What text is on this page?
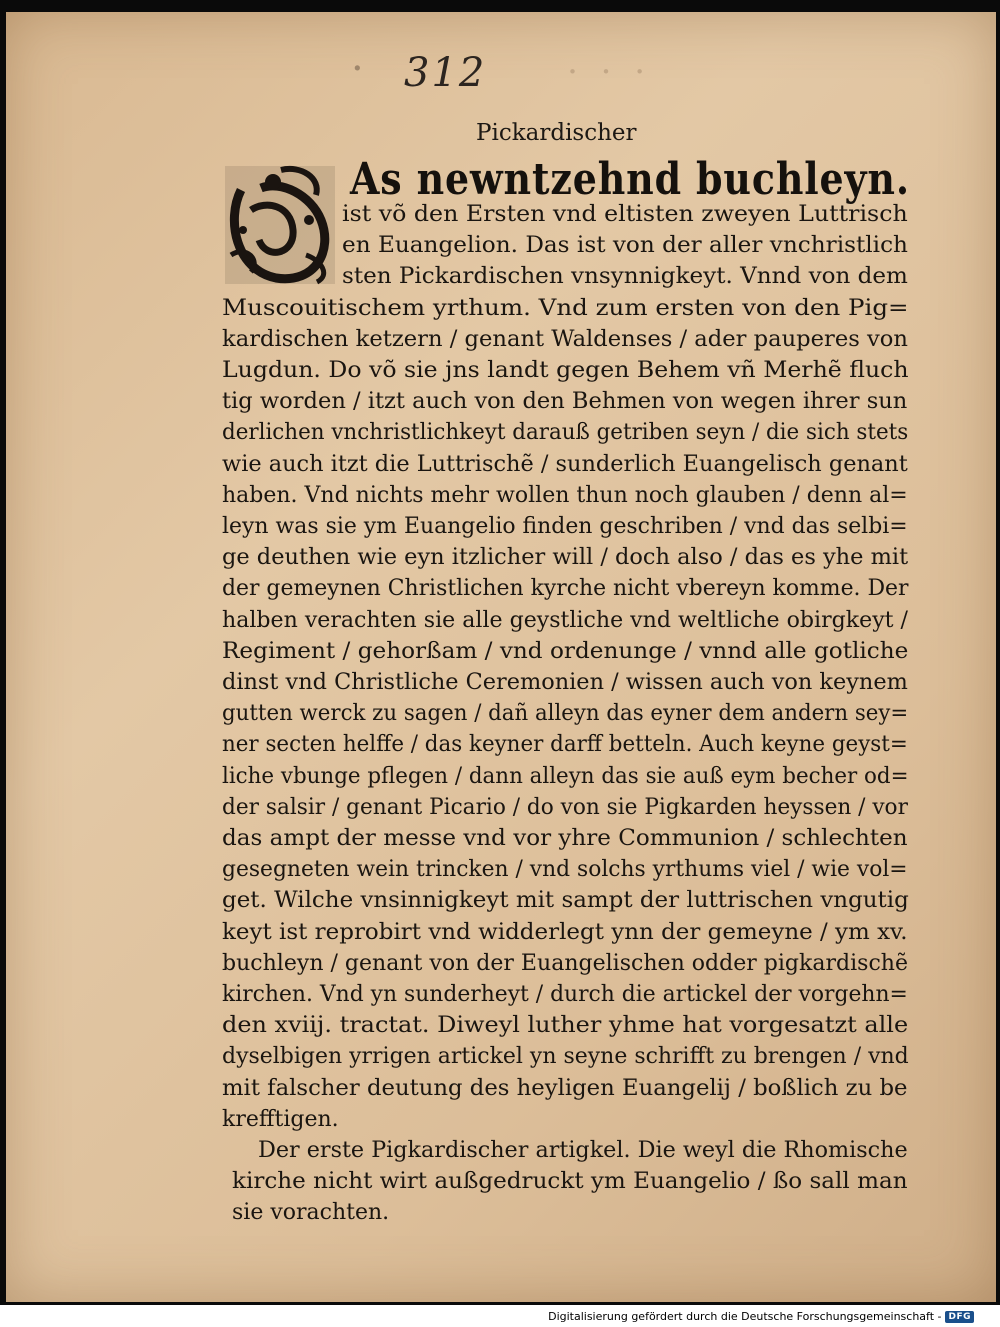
· 312 · · ·
Pickardischer
As newntzehnd buchleyn.
ist võ den Ersten vnd eltisten zweyen Luttrisch
en Euangelion. Das ist von der aller vnchristlich
sten Pickardischen vnsynnigkeyt. Vnnd von dem
Muscouitischem yrthum. Vnd zum ersten von den Pig=
kardischen ketzern / genant Waldenses / ader pauperes von
Lugdun. Do võ sie jns landt gegen Behem vñ Merhẽ fluch
tig worden / itzt auch von den Behmen von wegen ihrer sun
derlichen vnchristlichkeyt darauß getriben seyn / die sich stets
wie auch itzt die Luttrischẽ / sunderlich Euangelisch genant
haben. Vnd nichts mehr wollen thun noch glauben / denn al=
leyn was sie ym Euangelio finden geschriben / vnd das selbi=
ge deuthen wie eyn itzlicher will / doch also / das es yhe mit
der gemeynen Christlichen kyrche nicht vbereyn komme. Der
halben verachten sie alle geystliche vnd weltliche obirgkeyt /
Regiment / gehorßam / vnd ordenunge / vnnd alle gotliche
dinst vnd Christliche Ceremonien / wissen auch von keynem
gutten werck zu sagen / dañ alleyn das eyner dem andern sey=
ner secten helffe / das keyner darff betteln. Auch keyne geyst=
liche vbunge pflegen / dann alleyn das sie auß eym becher od=
der salsir / genant Picario / do von sie Pigkarden heyssen / vor
das ampt der messe vnd vor yhre Communion / schlechten
gesegneten wein trincken / vnd solchs yrthums viel / wie vol=
get. Wilche vnsinnigkeyt mit sampt der luttrischen vngutig
keyt ist reprobirt vnd widderlegt ynn der gemeyne / ym xv.
buchleyn / genant von der Euangelischen odder pigkardischẽ
kirchen. Vnd yn sunderheyt / durch die artickel der vorgehn=
den xviij. tractat. Diweyl luther yhme hat vorgesatzt alle
dyselbigen yrrigen artickel yn seyne schrifft zu brengen / vnd
mit falscher deutung des heyligen Euangelij / boßlich zu be
krefftigen.
Der erste Pigkardischer artigkel. Die weyl die Rhomische
kirche nicht wirt außgedruckt ym Euangelio / ßo sall man
sie vorachten.
Digitalisierung gefördert durch die Deutsche Forschungsgemeinschaft - DFG
